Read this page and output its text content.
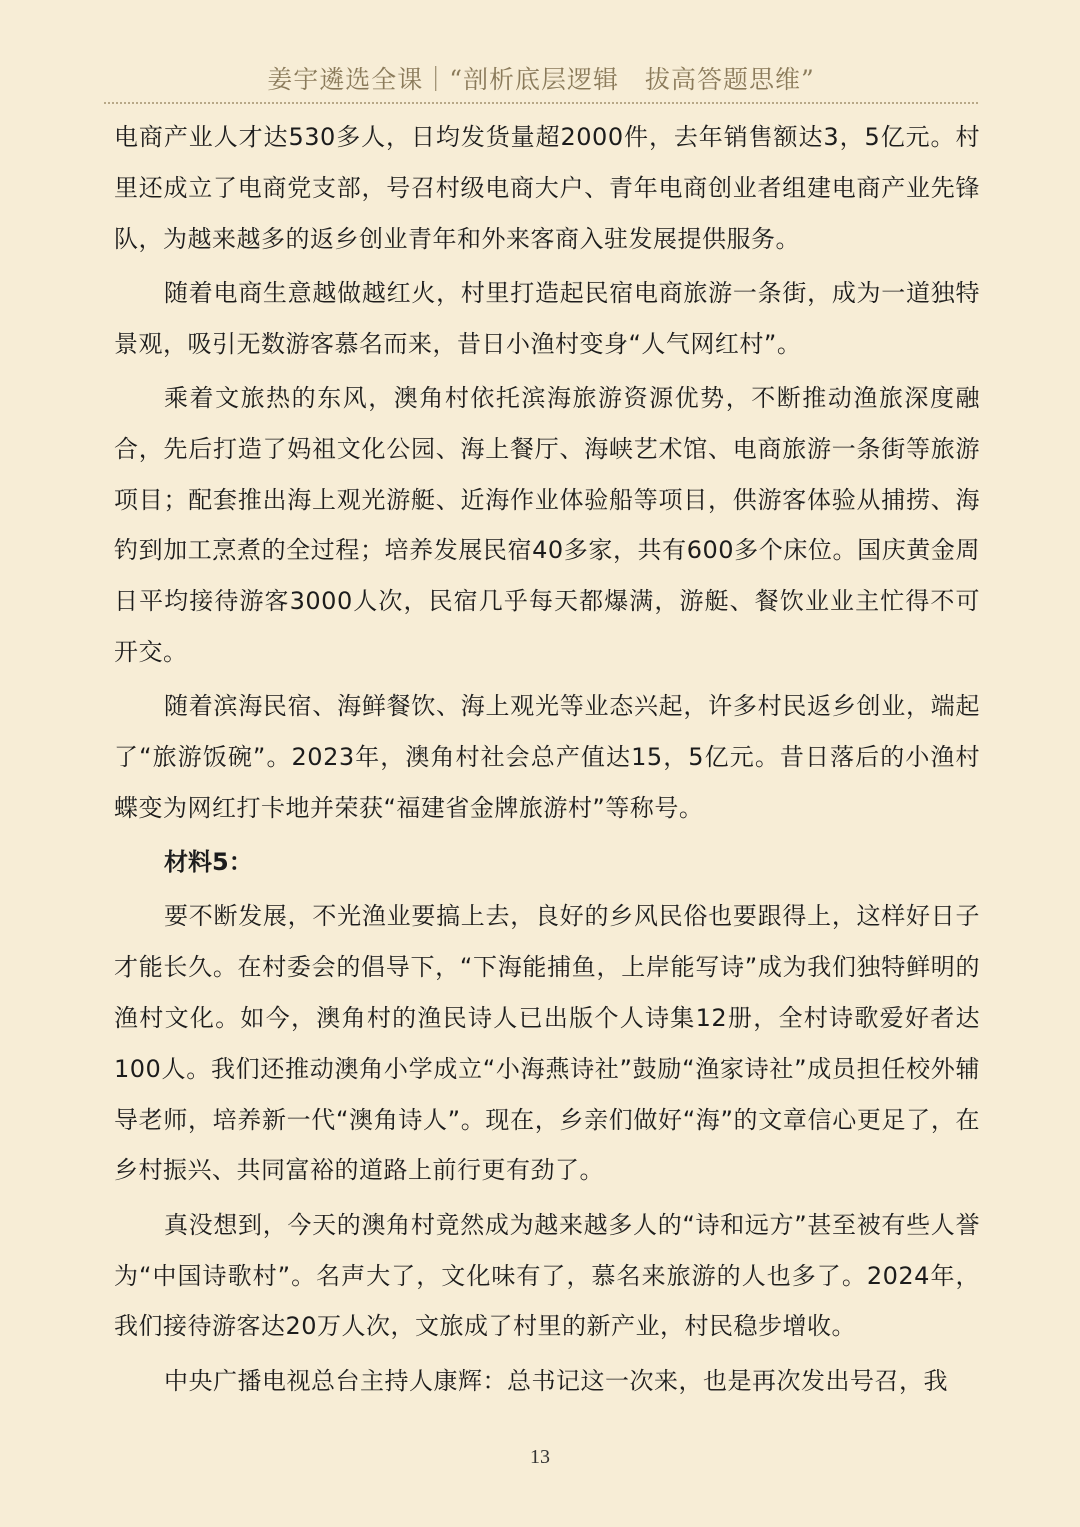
姜宇遴选全课｜“剖析底层逻辑　拔高答题思维”

电商产业人才达530多人，日均发货量超2000件，去年销售额达3，5亿元。村里还成立了电商党支部，号召村级电商大户、青年电商创业者组建电商产业先锋队，为越来越多的返乡创业青年和外来客商入驻发展提供服务。

随着电商生意越做越红火，村里打造起民宿电商旅游一条街，成为一道独特景观，吸引无数游客慕名而来，昔日小渔村变身“人气网红村”。

乘着文旅热的东风，澳角村依托滨海旅游资源优势，不断推动渔旅深度融合，先后打造了妈祖文化公园、海上餐厅、海峡艺术馆、电商旅游一条街等旅游项目；配套推出海上观光游艇、近海作业体验船等项目，供游客体验从捕捞、海钓到加工烹煮的全过程；培养发展民宿40多家，共有600多个床位。国庆黄金周日平均接待游客3000人次，民宿几乎每天都爆满，游艇、餐饮业业主忙得不可开交。

随着滨海民宿、海鲜餐饮、海上观光等业态兴起，许多村民返乡创业，端起了“旅游饭碗”。2023年，澳角村社会总产值达15，5亿元。昔日落后的小渔村蝶变为网红打卡地并荣获“福建省金牌旅游村”等称号。

材料5：

要不断发展，不光渔业要搞上去，良好的乡风民俗也要跟得上，这样好日子才能长久。在村委会的倡导下，“下海能捕鱼，上岸能写诗”成为我们独特鲜明的渔村文化。如今，澳角村的渔民诗人已出版个人诗集12册，全村诗歌爱好者达100人。我们还推动澳角小学成立“小海燕诗社”鼓励“渔家诗社”成员担任校外辅导老师，培养新一代“澳角诗人”。现在，乡亲们做好“海”的文章信心更足了，在乡村振兴、共同富裕的道路上前行更有劲了。

真没想到，今天的澳角村竟然成为越来越多人的“诗和远方”甚至被有些人誉为“中国诗歌村”。名声大了，文化味有了，慕名来旅游的人也多了。2024年，我们接待游客达20万人次，文旅成了村里的新产业，村民稳步增收。

中央广播电视总台主持人康辉：总书记这一次来，也是再次发出号召，我

13
